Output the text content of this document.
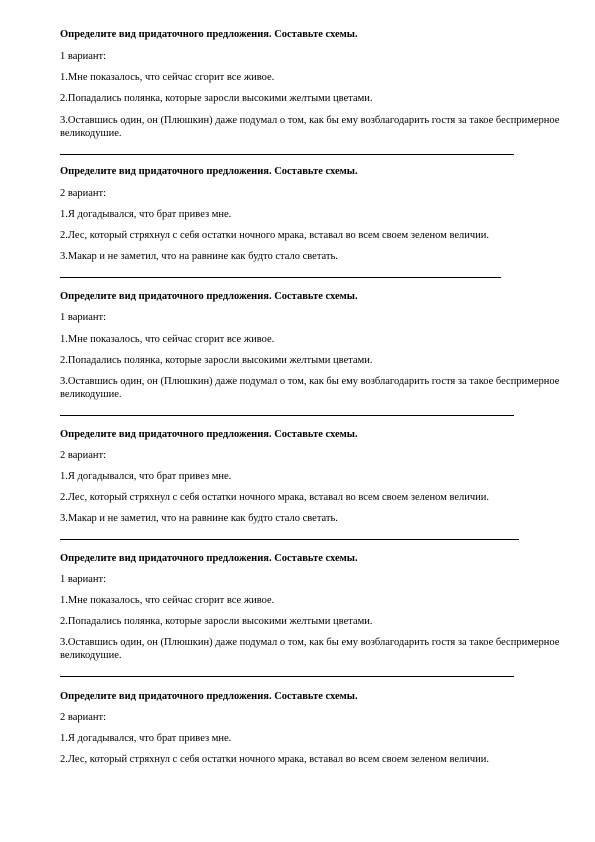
Определите вид придаточного предложения. Составьте схемы.
1 вариант:
1.Мне показалось, что сейчас сгорит все живое.
2.Попадались полянка, которые заросли высокими желтыми цветами.
3.Оставшись один, он (Плюшкин) даже подумал о том, как бы ему возблагодарить гостя за такое беспримерное великодушие.
Определите вид придаточного предложения. Составьте схемы.
2 вариант:
1.Я догадывался, что брат привез мне.
2.Лес, который стряхнул с себя остатки ночного мрака, вставал во всем своем зеленом величии.
3.Макар и не заметил, что на равнине как будто стало светать.
Определите вид придаточного предложения. Составьте схемы.
1 вариант:
1.Мне показалось, что сейчас сгорит все живое.
2.Попадались полянка, которые заросли высокими желтыми цветами.
3.Оставшись один, он (Плюшкин) даже подумал о том, как бы ему возблагодарить гостя за такое беспримерное великодушие.
Определите вид придаточного предложения. Составьте схемы.
2 вариант:
1.Я догадывался, что брат привез мне.
2.Лес, который стряхнул с себя остатки ночного мрака, вставал во всем своем зеленом величии.
3.Макар и не заметил, что на равнине как будто стало светать.
Определите вид придаточного предложения. Составьте схемы.
1 вариант:
1.Мне показалось, что сейчас сгорит все живое.
2.Попадались полянка, которые заросли высокими желтыми цветами.
3.Оставшись один, он (Плюшкин) даже подумал о том, как бы ему возблагодарить гостя за такое беспримерное великодушие.
Определите вид придаточного предложения. Составьте схемы.
2 вариант:
1.Я догадывался, что брат привез мне.
2.Лес, который стряхнул с себя остатки ночного мрака, вставал во всем своем зеленом величии.
